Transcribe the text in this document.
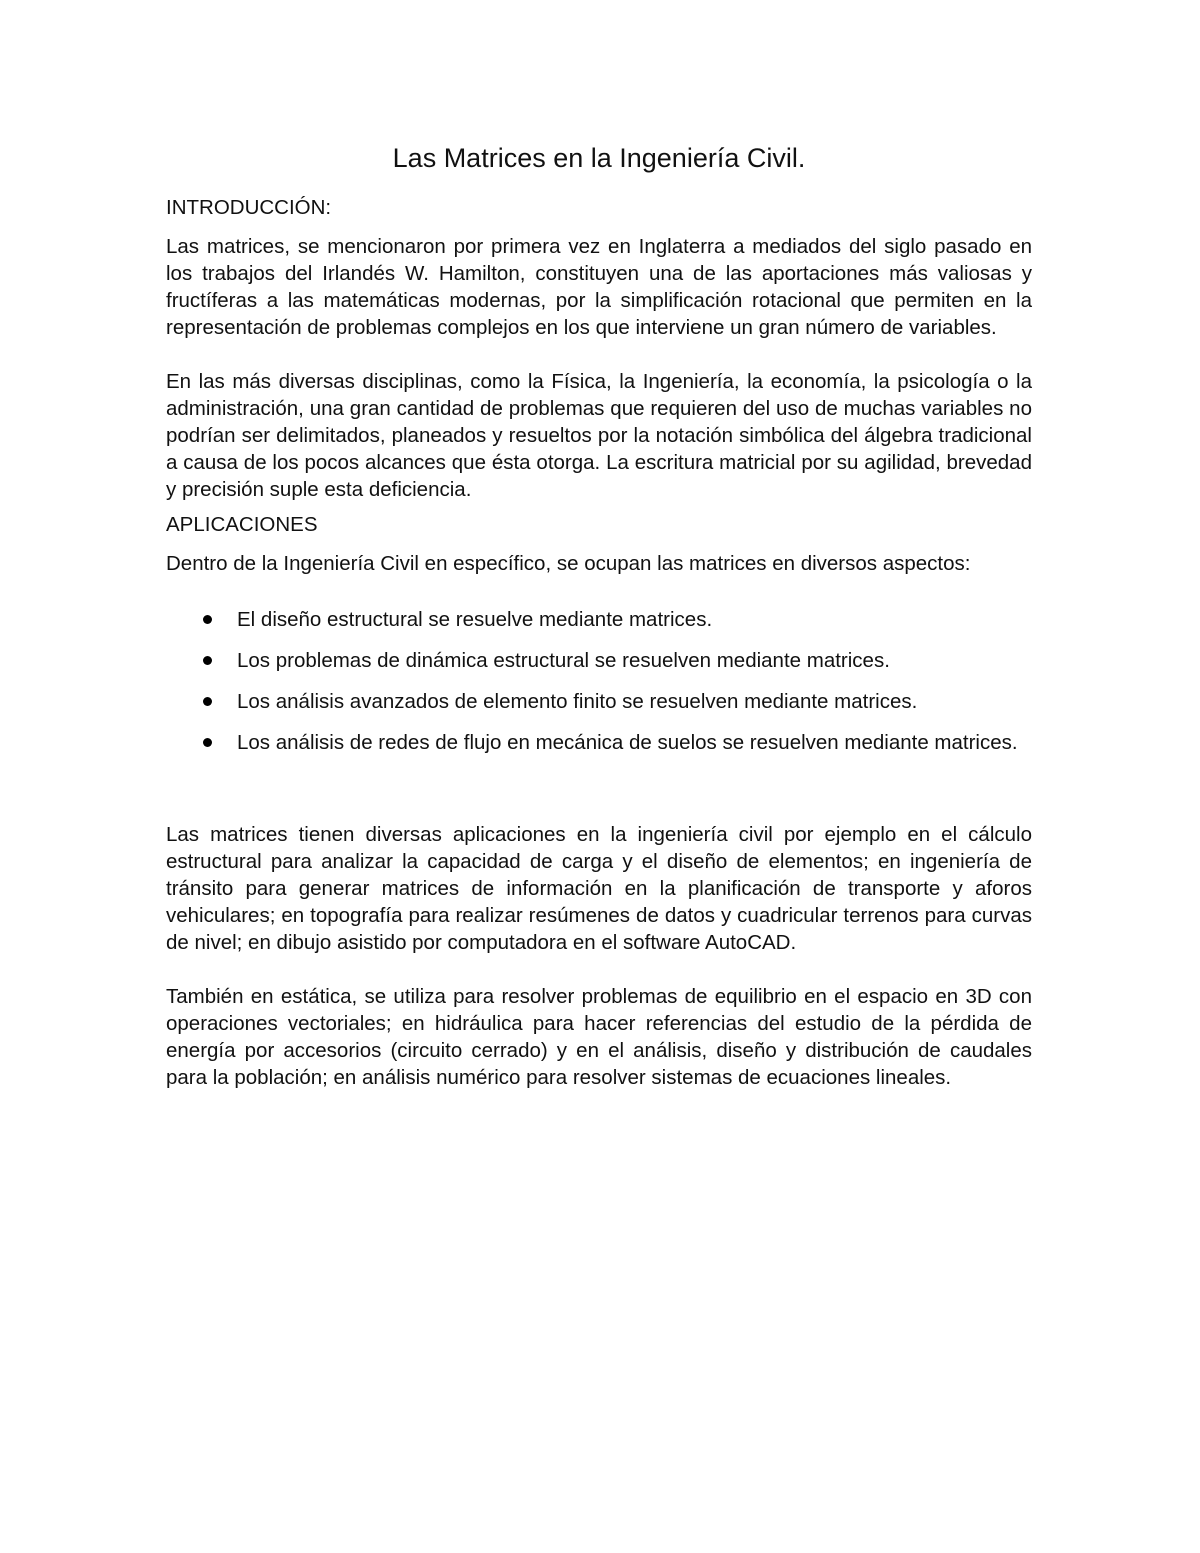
Las Matrices en la Ingeniería Civil.
INTRODUCCIÓN:

Las matrices, se mencionaron por primera vez en Inglaterra a mediados del siglo pasado en los trabajos del Irlandés W. Hamilton, constituyen una de las aportaciones más valiosas y fructíferas a las matemáticas modernas, por la simplificación rotacional que permiten en la representación de problemas complejos en los que interviene un gran número de variables.

En las más diversas disciplinas, como la Física, la Ingeniería, la economía, la psicología o la administración, una gran cantidad de problemas que requieren del uso de muchas variables no podrían ser delimitados, planeados y resueltos por la notación simbólica del álgebra tradicional a causa de los pocos alcances que ésta otorga. La escritura matricial por su agilidad, brevedad y precisión suple esta deficiencia.

APLICACIONES

Dentro de la Ingeniería Civil en específico, se ocupan las matrices en diversos aspectos:

El diseño estructural se resuelve mediante matrices.
Los problemas de dinámica estructural se resuelven mediante matrices.
Los análisis avanzados de elemento finito se resuelven mediante matrices.
Los análisis de redes de flujo en mecánica de suelos se resuelven mediante matrices.

Las matrices tienen diversas aplicaciones en la ingeniería civil por ejemplo en el cálculo estructural para analizar la capacidad de carga y el diseño de elementos; en ingeniería de tránsito para generar matrices de información en la planificación de transporte y aforos vehiculares; en topografía para realizar resúmenes de datos y cuadricular terrenos para curvas de nivel; en dibujo asistido por computadora en el software AutoCAD.

También en estática, se utiliza para resolver problemas de equilibrio en el espacio en 3D con operaciones vectoriales; en hidráulica para hacer referencias del estudio de la pérdida de energía por accesorios (circuito cerrado) y en el análisis, diseño y distribución de caudales para la población; en análisis numérico para resolver sistemas de ecuaciones lineales.
